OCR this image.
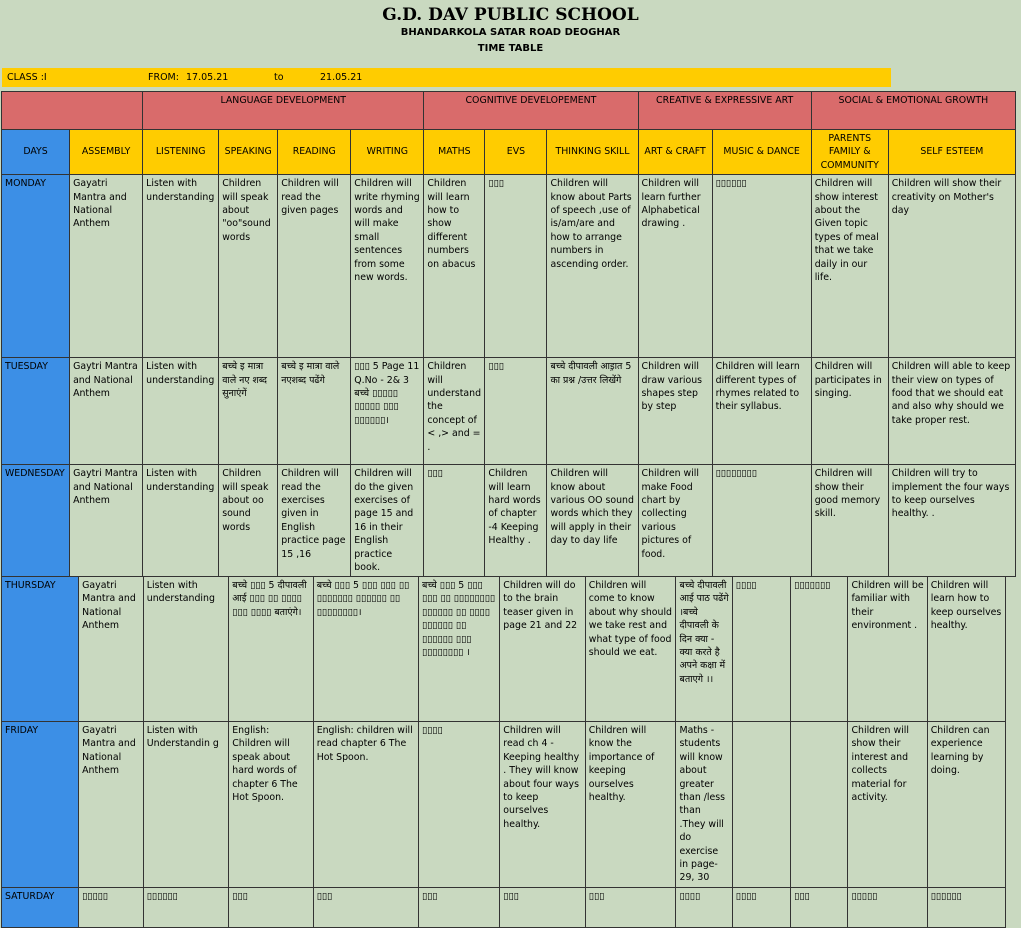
G.D. DAV PUBLIC SCHOOL
BHANDARKOLA SATAR ROAD DEOGHAR
TIME TABLE
CLASS :I	FROM: 17.05.21	to	21.05.21
		LANGUAGE DEVELOPMENT				COGNITIVE DEVELOPEMENT			CREATIVE & EXPRESSIVE ART		SOCIAL & EMOTIONAL GROWTH	
DAYS	ASSEMBLY	LISTENING	SPEAKING	READING	WRITING	MATHS	EVS	THINKING SKILL	ART & CRAFT	MUSIC & DANCE	PARENTS FAMILY & COMMUNITY	SELF ESTEEM
MONDAY	Gayatri Mantra and National Anthem	Listen with understanding	Children will speak about "oo"sound words	Children will read the given pages	Children will write rhyming words and will make small sentences from some new words.	Children will learn how to show different numbers on abacus	▯▯▯	Children will know about Parts of speech ,use of is/am/are and how to arrange numbers in ascending order.	Children will learn further Alphabetical drawing .	▯▯▯▯▯▯	Children will show interest about the Given topic types of meal that we take daily in our life.	Children will show their creativity on Mother's day
TUESDAY	Gaytri Mantra and National Anthem	Listen with understanding	बच्चे इ मात्रा वाले नए शब्द सुनाएंगें	बच्चे इ मात्रा वाले नएशब्द पढेंगे	▯▯▯ 5 Page 11 Q.No - 2& 3 बच्चे ▯▯▯▯▯ ▯▯▯▯▯ ▯▯▯ ▯▯▯▯▯▯।	Children will understand the concept of < ,> and = .	▯▯▯	बच्चे दीपावली आइ़ात 5 का प्रश्न /उत्तर लिखेंगे	Children will draw various shapes step by step	Children will learn different types of rhymes related to their syllabus.	Children will participates in singing.	Children will able to keep their view on types of food that we should eat and also why should we take proper rest.
WEDNESDAY	Gaytri Mantra and National Anthem	Listen with understanding	Children will speak about oo sound words	Children will read the exercises given in English practice page 15 ,16	Children will do the given exercises of page 15 and 16 in their English practice book.	▯▯▯	Children will learn hard words of chapter -4 Keeping Healthy .	Children will know about various OO sound words which they will apply in their day to day life	Children will make Food chart by collecting various pictures of food.	▯▯▯▯▯▯▯▯	Children will show their good memory skill.	Children will try to implement the four ways to keep ourselves healthy. .
THURSDAY	Gayatri Mantra and National Anthem	Listen with understanding	बच्चे ▯▯▯ 5 दीपावली आई ▯▯▯ ▯▯ ▯▯▯▯ ▯▯▯ ▯▯▯▯ बताएंगे।	बच्चे ▯▯▯ 5 ▯▯▯ ▯▯▯ ▯▯ ▯▯▯▯▯▯▯ ▯▯▯▯▯▯ ▯▯ ▯▯▯▯▯▯▯▯।	बच्चे ▯▯▯ 5 ▯▯▯ ▯▯▯ ▯▯ ▯▯▯▯▯▯▯▯ ▯▯▯▯▯▯ ▯▯ ▯▯▯▯ ▯▯▯▯▯▯ ▯▯ ▯▯▯▯▯▯ ▯▯▯ ▯▯▯▯▯▯▯▯ ।	Children will do to the brain teaser given in page 21 and 22	Children will come to know about why should we take rest and what type of food should we eat.	बच्चे दीपावली आई पाठ पढेंगे ।बच्चे दीपावली के दिन क्या - क्या करते है अपने कक्षा में बताएगे ।।	▯▯▯▯	▯▯▯▯▯▯▯	Children will be familiar with their environment .	Children will learn how to keep ourselves healthy.
FRIDAY	Gayatri Mantra and National Anthem	Listen with Understandin g	English: Children will speak about hard words of chapter 6 The Hot Spoon.	English: children will read chapter 6 The Hot Spoon.	▯▯▯▯	Children will read ch 4 - Keeping healthy . They will know about four ways to keep ourselves healthy.	Children will know the importance of keeping ourselves healthy.	Maths - students will know about greater than /less than .They will do exercise in page-29, 30			Children will show their interest and collects material for activity.	Children can experience learning by doing.
SATURDAY	▯▯▯▯▯	▯▯▯▯▯▯	▯▯▯	▯▯▯	▯▯▯	▯▯▯	▯▯▯	▯▯▯▯	▯▯▯▯	▯▯▯	▯▯▯▯▯	▯▯▯▯▯▯
